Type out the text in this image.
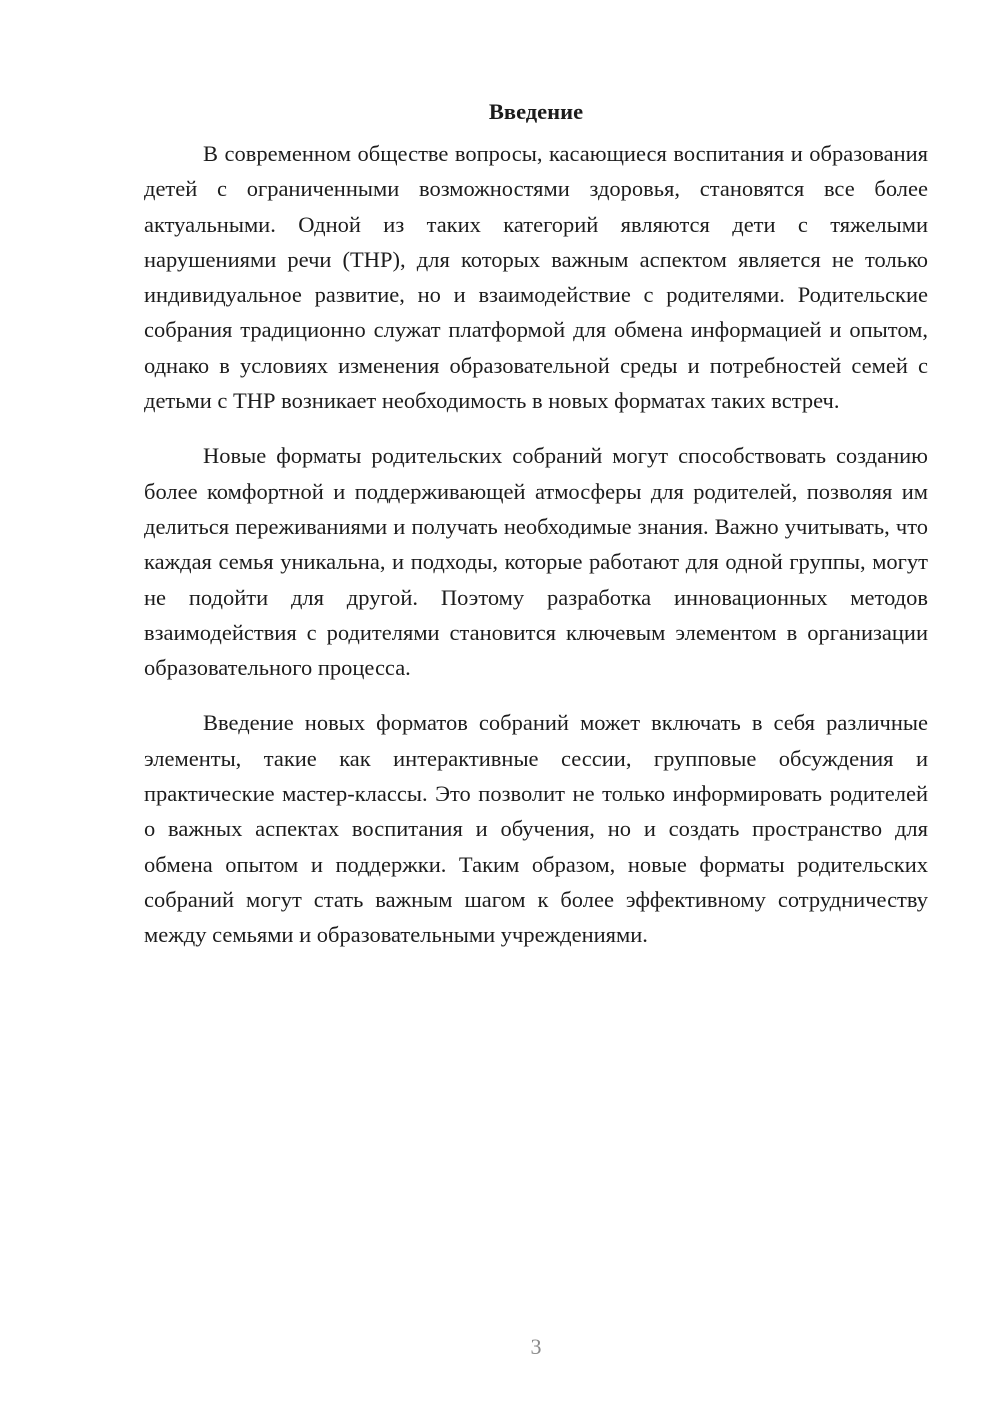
Введение

В современном обществе вопросы, касающиеся воспитания и образования детей с ограниченными возможностями здоровья, становятся все более актуальными. Одной из таких категорий являются дети с тяжелыми нарушениями речи (ТНР), для которых важным аспектом является не только индивидуальное развитие, но и взаимодействие с родителями. Родительские собрания традиционно служат платформой для обмена информацией и опытом, однако в условиях изменения образовательной среды и потребностей семей с детьми с ТНР возникает необходимость в новых форматах таких встреч.

Новые форматы родительских собраний могут способствовать созданию более комфортной и поддерживающей атмосферы для родителей, позволяя им делиться переживаниями и получать необходимые знания. Важно учитывать, что каждая семья уникальна, и подходы, которые работают для одной группы, могут не подойти для другой. Поэтому разработка инновационных методов взаимодействия с родителями становится ключевым элементом в организации образовательного процесса.

Введение новых форматов собраний может включать в себя различные элементы, такие как интерактивные сессии, групповые обсуждения и практические мастер-классы. Это позволит не только информировать родителей о важных аспектах воспитания и обучения, но и создать пространство для обмена опытом и поддержки. Таким образом, новые форматы родительских собраний могут стать важным шагом к более эффективному сотрудничеству между семьями и образовательными учреждениями.

3
